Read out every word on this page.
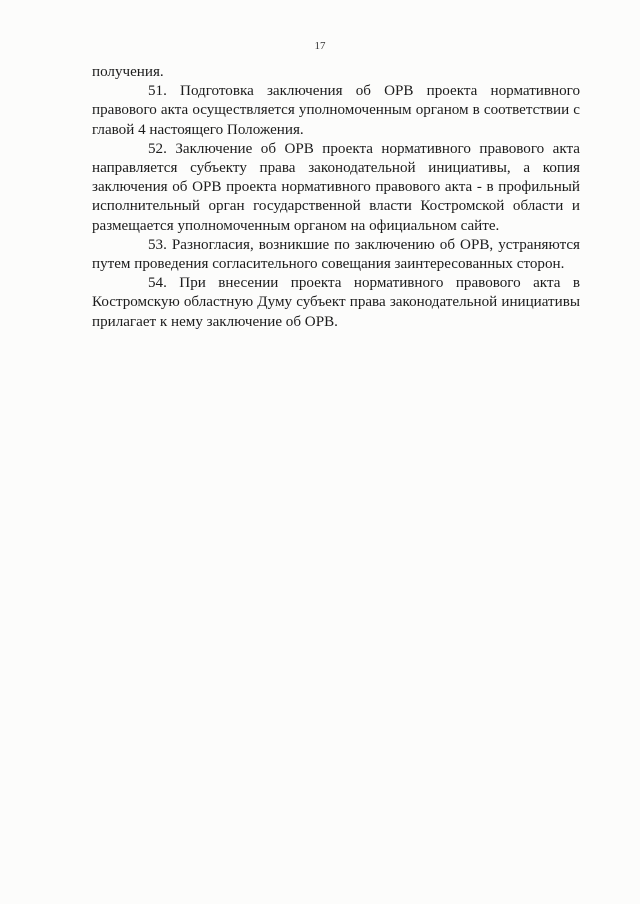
17

получения.

51. Подготовка заключения об ОРВ проекта нормативного правового акта осуществляется уполномоченным органом в соответствии с главой 4 настоящего Положения.

52. Заключение об ОРВ проекта нормативного правового акта направляется субъекту права законодательной инициативы, а копия заключения об ОРВ проекта нормативного правового акта - в профильный исполнительный орган государственной власти Костромской области и размещается уполномоченным органом на официальном сайте.

53. Разногласия, возникшие по заключению об ОРВ, устраняются путем проведения согласительного совещания заинтересованных сторон.

54. При внесении проекта нормативного правового акта в Костромскую областную Думу субъект права законодательной инициативы прилагает к нему заключение об ОРВ.
